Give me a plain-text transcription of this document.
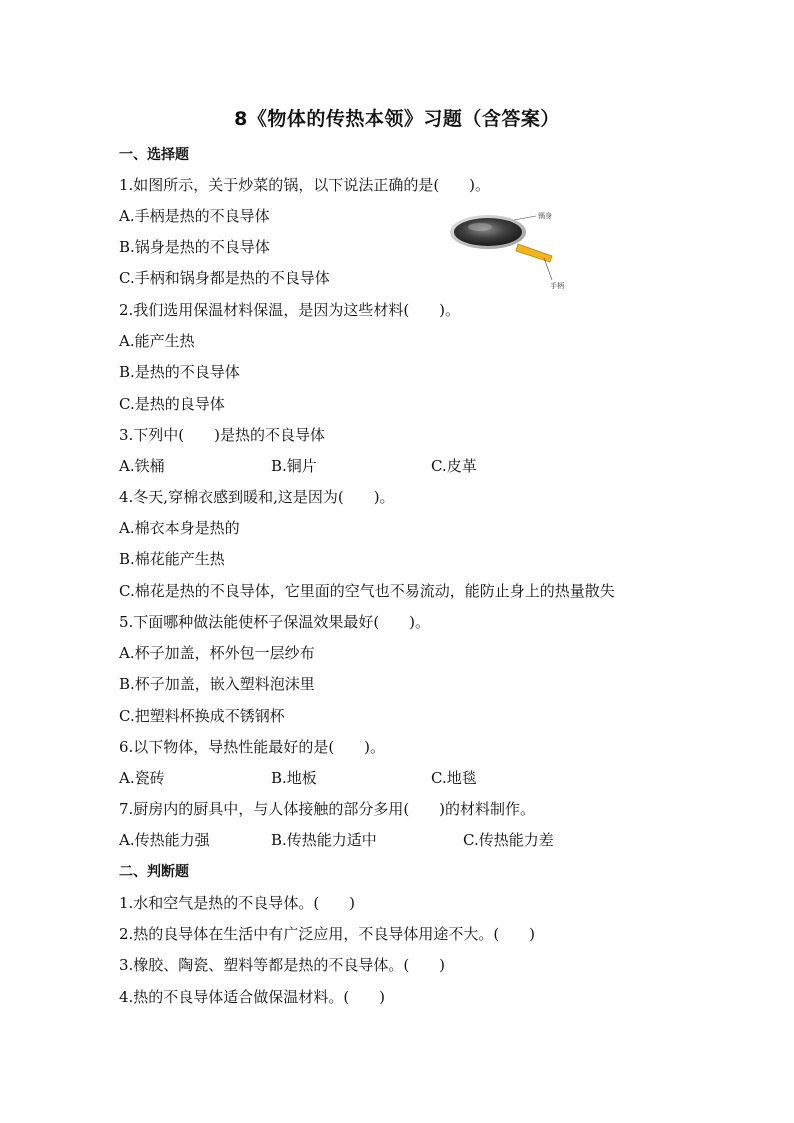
8《物体的传热本领》习题（含答案）
一、选择题
1.如图所示，关于炒菜的锅，以下说法正确的是(　　)。
A.手柄是热的不良导体
B.锅身是热的不良导体
C.手柄和锅身都是热的不良导体
锅身
手柄
2.我们选用保温材料保温，是因为这些材料(　　)。
A.能产生热
B.是热的不良导体
C.是热的良导体
3.下列中(　　)是热的不良导体
A.铁桶	B.铜片	C.皮革
4.冬天,穿棉衣感到暖和,这是因为(　　)。
A.棉衣本身是热的
B.棉花能产生热
C.棉花是热的不良导体，它里面的空气也不易流动，能防止身上的热量散失
5.下面哪种做法能使杯子保温效果最好(　　)。
A.杯子加盖，杯外包一层纱布
B.杯子加盖，嵌入塑料泡沫里
C.把塑料杯换成不锈钢杯
6.以下物体，导热性能最好的是(　　)。
A.瓷砖	B.地板	C.地毯
7.厨房内的厨具中，与人体接触的部分多用(　　)的材料制作。
A.传热能力强	B.传热能力适中	C.传热能力差
二、判断题
1.水和空气是热的不良导体。(　　)
2.热的良导体在生活中有广泛应用，不良导体用途不大。(　　)
3.橡胶、陶瓷、塑料等都是热的不良导体。(　　)
4.热的不良导体适合做保温材料。(　　)
